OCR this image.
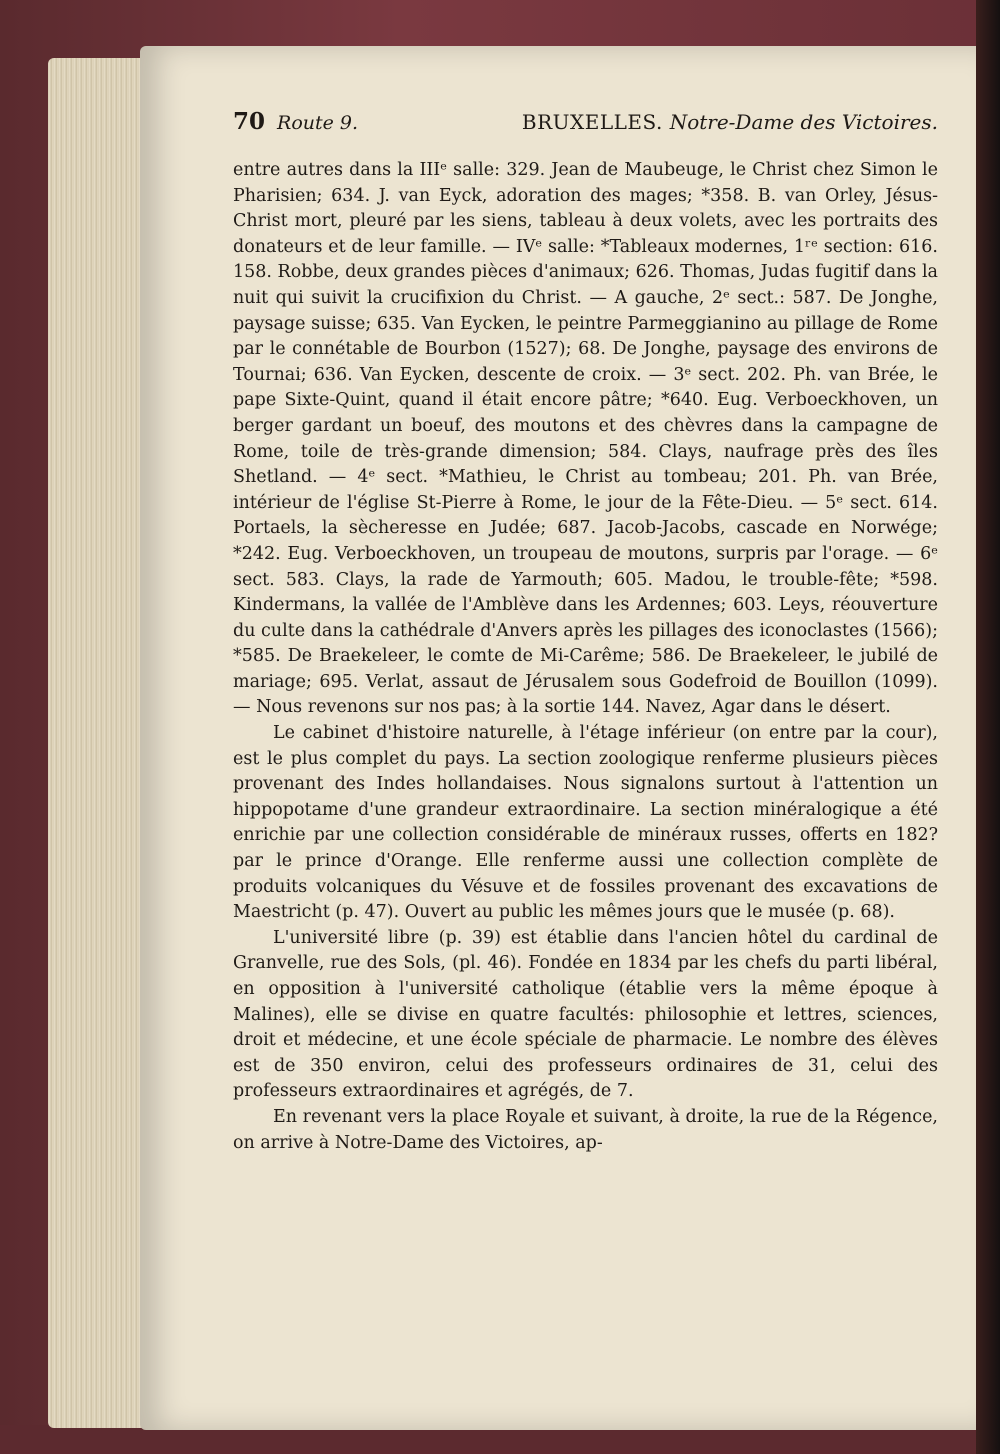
70 Route 9.	BRUXELLES. Notre-Dame des Victoires.

entre autres dans la IIIᵉ salle: 329. Jean de Maubeuge, le Christ chez Simon le Pharisien; 634. J. van Eyck, adoration des mages; *358. B. van Orley, Jésus-Christ mort, pleuré par les siens, tableau à deux volets, avec les portraits des donateurs et de leur famille. — IVᵉ salle: *Tableaux modernes, 1ʳᵉ section: 616. 158. Robbe, deux grandes pièces d'animaux; 626. Thomas, Judas fugitif dans la nuit qui suivit la crucifixion du Christ. — A gauche, 2ᵉ sect.: 587. De Jonghe, paysage suisse; 635. Van Eycken, le peintre Parmeggianino au pillage de Rome par le connétable de Bourbon (1527); 68. De Jonghe, paysage des environs de Tournai; 636. Van Eycken, descente de croix. — 3ᵉ sect. 202. Ph. van Brée, le pape Sixte-Quint, quand il était encore pâtre; *640. Eug. Verboeckhoven, un berger gardant un boeuf, des moutons et des chèvres dans la campagne de Rome, toile de très-grande dimension; 584. Clays, naufrage près des îles Shetland. — 4ᵉ sect. *Mathieu, le Christ au tombeau; 201. Ph. van Brée, intérieur de l'église St-Pierre à Rome, le jour de la Fête-Dieu. — 5ᵉ sect. 614. Portaels, la sècheresse en Judée; 687. Jacob-Jacobs, cascade en Norwége; *242. Eug. Verboeckhoven, un troupeau de moutons, surpris par l'orage. — 6ᵉ sect. 583. Clays, la rade de Yarmouth; 605. Madou, le trouble-fête; *598. Kindermans, la vallée de l'Amblève dans les Ardennes; 603. Leys, réouverture du culte dans la cathédrale d'Anvers après les pillages des iconoclastes (1566); *585. De Braekeleer, le comte de Mi-Carême; 586. De Braekeleer, le jubilé de mariage; 695. Verlat, assaut de Jérusalem sous Godefroid de Bouillon (1099). — Nous revenons sur nos pas; à la sortie 144. Navez, Agar dans le désert.

Le cabinet d'histoire naturelle, à l'étage inférieur (on entre par la cour), est le plus complet du pays. La section zoologique renferme plusieurs pièces provenant des Indes hollandaises. Nous signalons surtout à l'attention un hippopotame d'une grandeur extraordinaire. La section minéralogique a été enrichie par une collection considérable de minéraux russes, offerts en 182? par le prince d'Orange. Elle renferme aussi une collection complète de produits volcaniques du Vésuve et de fossiles provenant des excavations de Maestricht (p. 47). Ouvert au public les mêmes jours que le musée (p. 68).

L'université libre (p. 39) est établie dans l'ancien hôtel du cardinal de Granvelle, rue des Sols, (pl. 46). Fondée en 1834 par les chefs du parti libéral, en opposition à l'université catholique (établie vers la même époque à Malines), elle se divise en quatre facultés: philosophie et lettres, sciences, droit et médecine, et une école spéciale de pharmacie. Le nombre des élèves est de 350 environ, celui des professeurs ordinaires de 31, celui des professeurs extraordinaires et agrégés, de 7.

En revenant vers la place Royale et suivant, à droite, la rue de la Régence, on arrive à Notre-Dame des Victoires, ap-
